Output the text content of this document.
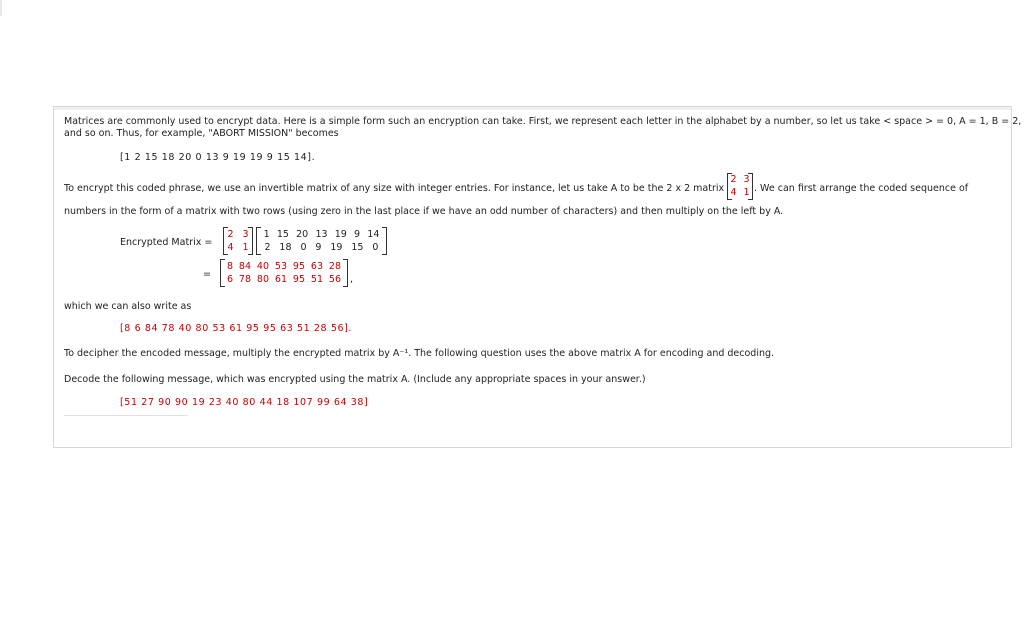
Matrices are commonly used to encrypt data. Here is a simple form such an encryption can take. First, we represent each letter in the alphabet by a number, so let us take < space > = 0, A = 1, B = 2,
and so on. Thus, for example, "ABORT MISSION" becomes
[1 2 15 18 20 0 13 9 19 19 9 15 14].
To encrypt this coded phrase, we use an invertible matrix of any size with integer entries. For instance, let us take A to be the 2 x 2 matrix
2 3
4 1 . We can first arrange the coded sequence of
numbers in the form of a matrix with two rows (using zero in the last place if we have an odd number of characters) and then multiply on the left by A.
Encrypted Matrix =
2 3
4 1
1 15 20 13 19 9 14
2 18 0 9 19 15 0
=
8 84 40 53 95 63 28
6 78 80 61 95 51 56 ,
which we can also write as
[8 6 84 78 40 80 53 61 95 95 63 51 28 56].
To decipher the encoded message, multiply the encrypted matrix by A⁻¹. The following question uses the above matrix A for encoding and decoding.
Decode the following message, which was encrypted using the matrix A. (Include any appropriate spaces in your answer.)
[51 27 90 90 19 23 40 80 44 18 107 99 64 38]
